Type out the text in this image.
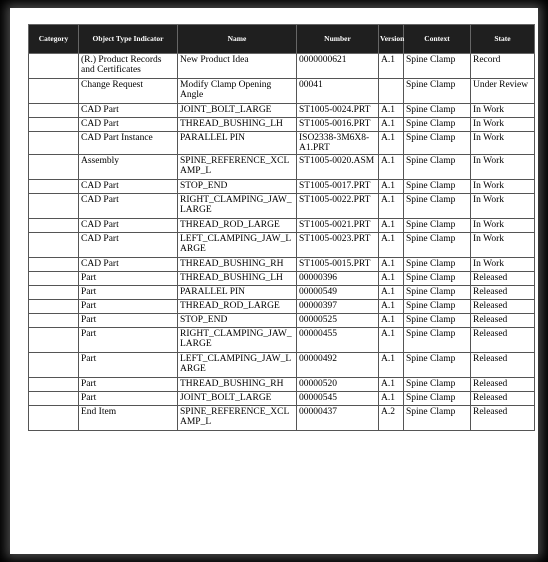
Category	Object Type Indicator	Name	Number	Version	Context	State
	(R.) Product Records and Certificates	New Product Idea	0000000621	A.1	Spine Clamp	Record
	Change Request	Modify Clamp Opening Angle	00041		Spine Clamp	Under Review
	CAD Part	JOINT_BOLT_LARGE	ST1005-0024.PRT	A.1	Spine Clamp	In Work
	CAD Part	THREAD_BUSHING_LH	ST1005-0016.PRT	A.1	Spine Clamp	In Work
	CAD Part Instance	PARALLEL PIN	ISO2338-3M6X8-A1.PRT	A.1	Spine Clamp	In Work
	Assembly	SPINE_REFERENCE_XCLAMP_L	ST1005-0020.ASM	A.1	Spine Clamp	In Work
	CAD Part	STOP_END	ST1005-0017.PRT	A.1	Spine Clamp	In Work
	CAD Part	RIGHT_CLAMPING_JAW_LARGE	ST1005-0022.PRT	A.1	Spine Clamp	In Work
	CAD Part	THREAD_ROD_LARGE	ST1005-0021.PRT	A.1	Spine Clamp	In Work
	CAD Part	LEFT_CLAMPING_JAW_LARGE	ST1005-0023.PRT	A.1	Spine Clamp	In Work
	CAD Part	THREAD_BUSHING_RH	ST1005-0015.PRT	A.1	Spine Clamp	In Work
	Part	THREAD_BUSHING_LH	00000396	A.1	Spine Clamp	Released
	Part	PARALLEL PIN	00000549	A.1	Spine Clamp	Released
	Part	THREAD_ROD_LARGE	00000397	A.1	Spine Clamp	Released
	Part	STOP_END	00000525	A.1	Spine Clamp	Released
	Part	RIGHT_CLAMPING_JAW_LARGE	00000455	A.1	Spine Clamp	Released
	Part	LEFT_CLAMPING_JAW_LARGE	00000492	A.1	Spine Clamp	Released
	Part	THREAD_BUSHING_RH	00000520	A.1	Spine Clamp	Released
	Part	JOINT_BOLT_LARGE	00000545	A.1	Spine Clamp	Released
	End Item	SPINE_REFERENCE_XCLAMP_L	00000437	A.2	Spine Clamp	Released
